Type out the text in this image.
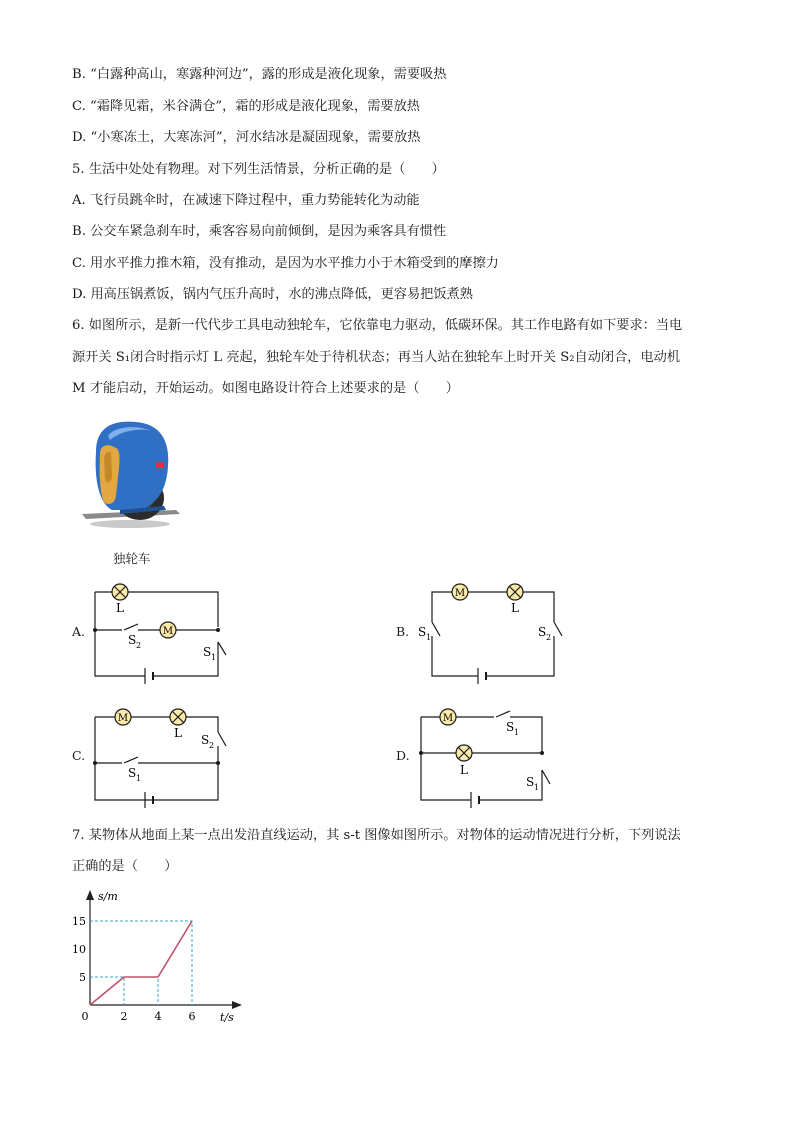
B. “白露种高山，寒露种河边”，露的形成是液化现象，需要吸热
C. “霜降见霜，米谷满仓”，霜的形成是液化现象，需要放热
D. “小寒冻土，大寒冻河”，河水结冰是凝固现象，需要放热
5. 生活中处处有物理。对下列生活情景，分析正确的是（　　）
A. 飞行员跳伞时，在减速下降过程中，重力势能转化为动能
B. 公交车紧急刹车时，乘客容易向前倾倒，是因为乘客具有惯性
C. 用水平推力推木箱，没有推动，是因为水平推力小于木箱受到的摩擦力
D. 用高压锅煮饭，锅内气压升高时，水的沸点降低，更容易把饭煮熟
6. 如图所示，是新一代代步工具电动独轮车，它依靠电力驱动，低碳环保。其工作电路有如下要求：当电
源开关 S₁闭合时指示灯 L 亮起，独轮车处于待机状态；再当人站在独轮车上时开关 S₂自动闭合，电动机
M 才能启动，开始运动。如图电路设计符合上述要求的是（　　）
独轮车
A.	B.
C.	D.
M
L
S 2	S 1
M
L
S 1	S 2
M
L S 2
S 1
M
L
S 1
S 1
7. 某物体从地面上某一点出发沿直线运动，其 s-t 图像如图所示。对物体的运动情况进行分析，下列说法
正确的是（　　）
2 4 6
5
10
15
0
s/m
t/s
